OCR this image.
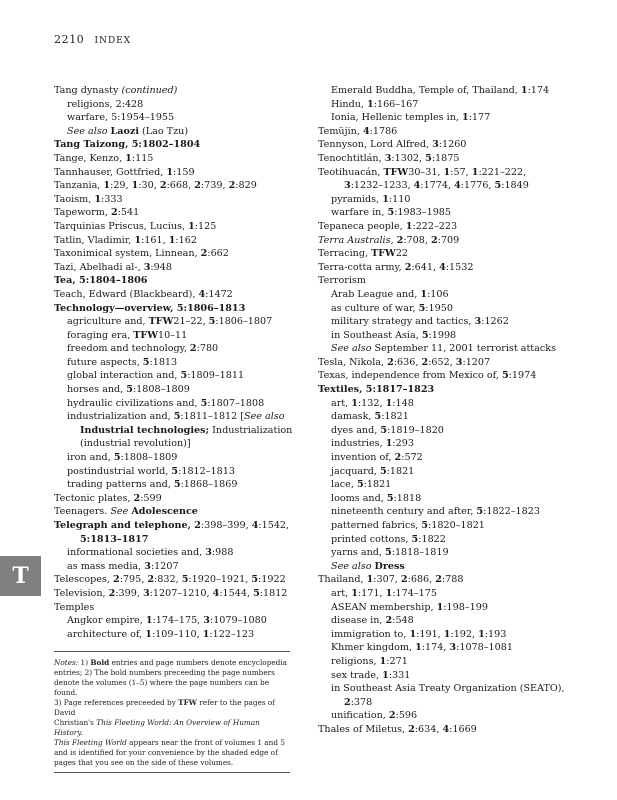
2210 INDEX
Tang dynasty (continued)
religions, 2:428
warfare, 5:1954–1955
See also Laozi (Lao Tzu)
Tang Taizong, 5:1802–1804
Tange, Kenzo, 1:115
Tannhauser, Gottfried, 1:159
Tanzania, 1:29, 1:30, 2:668, 2:739, 2:829
Taoism, 1:333
Tapeworm, 2:541
Tarquinias Priscus, Lucius, 1:125
Tatlin, Vladimir, 1:161, 1:162
Taxonimical system, Linnean, 2:662
Tazi, Abelhadi al-, 3:948
Tea, 5:1804–1806
Teach, Edward (Blackbeard), 4:1472
Technology—overview, 5:1806–1813
agriculture and, TFW21–22, 5:1806–1807
foraging era, TFW10–11
freedom and technology, 2:780
future aspects, 5:1813
global interaction and, 5:1809–1811
horses and, 5:1808–1809
hydraulic civilizations and, 5:1807–1808
industrialization and, 5:1811–1812 [See also
Industrial technologies; Industrialization
(industrial revolution)]
iron and, 5:1808–1809
postindustrial world, 5:1812–1813
trading patterns and, 5:1868–1869
Tectonic plates, 2:599
Teenagers. See Adolescence
Telegraph and telephone, 2:398–399, 4:1542,
5:1813–1817
informational societies and, 3:988
as mass media, 3:1207
Telescopes, 2:795, 2:832, 5:1920–1921, 5:1922
Television, 2:399, 3:1207–1210, 4:1544, 5:1812
Temples
Angkor empire, 1:174–175, 3:1079–1080
architecture of, 1:109–110, 1:122–123
Emerald Buddha, Temple of, Thailand, 1:174
Hindu, 1:166–167
Ionia, Hellenic temples in, 1:177
Temüjin, 4:1786
Tennyson, Lord Alfred, 3:1260
Tenochtitlán, 3:1302, 5:1875
Teotihuacán, TFW30–31, 1:57, 1:221–222,
3:1232–1233, 4:1774, 4:1776, 5:1849
pyramids, 1:110
warfare in, 5:1983–1985
Tepaneca people, 1:222–223
Terra Australis, 2:708, 2:709
Terracing, TFW22
Terra-cotta army, 2:641, 4:1532
Terrorism
Arab League and, 1:106
as culture of war, 5:1950
military strategy and tactics, 3:1262
in Southeast Asia, 5:1998
See also September 11, 2001 terrorist attacks
Tesla, Nikola, 2:636, 2:652, 3:1207
Texas, independence from Mexico of, 5:1974
Textiles, 5:1817–1823
art, 1:132, 1:148
damask, 5:1821
dyes and, 5:1819–1820
industries, 1:293
invention of, 2:572
jacquard, 5:1821
lace, 5:1821
looms and, 5:1818
nineteenth century and after, 5:1822–1823
patterned fabrics, 5:1820–1821
printed cottons, 5:1822
yarns and, 5:1818–1819
See also Dress
Thailand, 1:307, 2:686, 2:788
art, 1:171, 1:174–175
ASEAN membership, 1:198–199
disease in, 2:548
immigration to, 1:191, 1:192, 1:193
Khmer kingdom, 1:174, 3:1078–1081
religions, 1:271
sex trade, 1:331
in Southeast Asia Treaty Organization (SEATO),
2:378
unification, 2:596
Thales of Miletus, 2:634, 4:1669
Notes: 1) Bold entries and page numbers denote encyclopedia
entries; 2) The bold numbers preceeding the page numbers
denote the volumes (1–5) where the page numbers can be found.
3) Page references preceeded by TFW refer to the pages of David
Christian's This Fleeting World: An Overview of Human History.
This Fleeting World appears near the front of volumes 1 and 5
and is identified for your convenience by the shaded edge of
pages that you see on the side of these volumes.
T
